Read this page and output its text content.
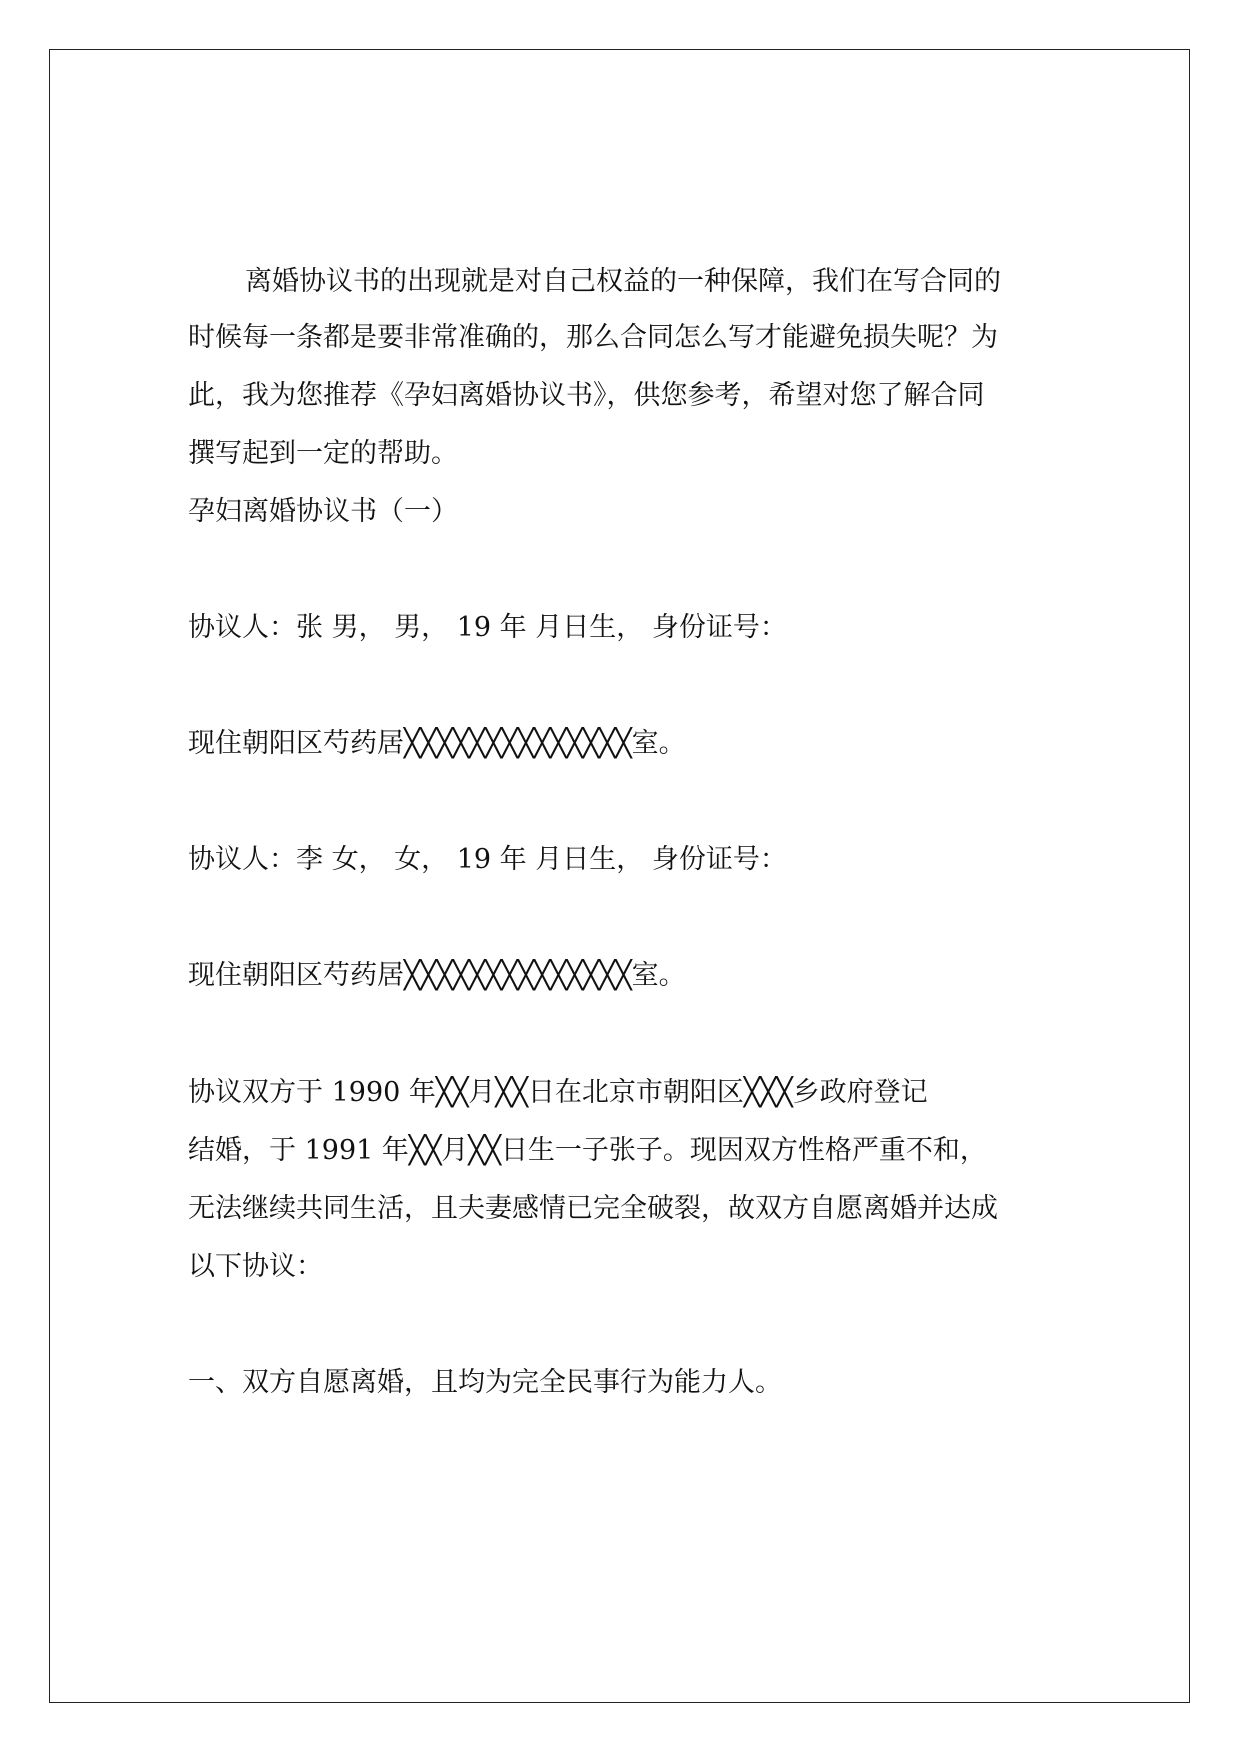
离婚协议书的出现就是对自己权益的一种保障，我们在写合同的
时候每一条都是要非常准确的，那么合同怎么写才能避免损失呢？为
此，我为您推荐《孕妇离婚协议书》，供您参考，希望对您了解合同
撰写起到一定的帮助。
孕妇离婚协议书（一）
协议人：张 男， 男， 19 年 月日生， 身份证号：
现住朝阳区芍药居╳╳╳╳╳╳╳╳╳╳╳╳╳╳室。
协议人：李 女， 女， 19 年 月日生， 身份证号：
现住朝阳区芍药居╳╳╳╳╳╳╳╳╳╳╳╳╳╳室。
协议双方于 1990 年╳╳月╳╳日在北京市朝阳区╳╳╳乡政府登记
结婚，于 1991 年╳╳月╳╳日生一子张子。现因双方性格严重不和，
无法继续共同生活，且夫妻感情已完全破裂，故双方自愿离婚并达成
以下协议：
一、双方自愿离婚，且均为完全民事行为能力人。
